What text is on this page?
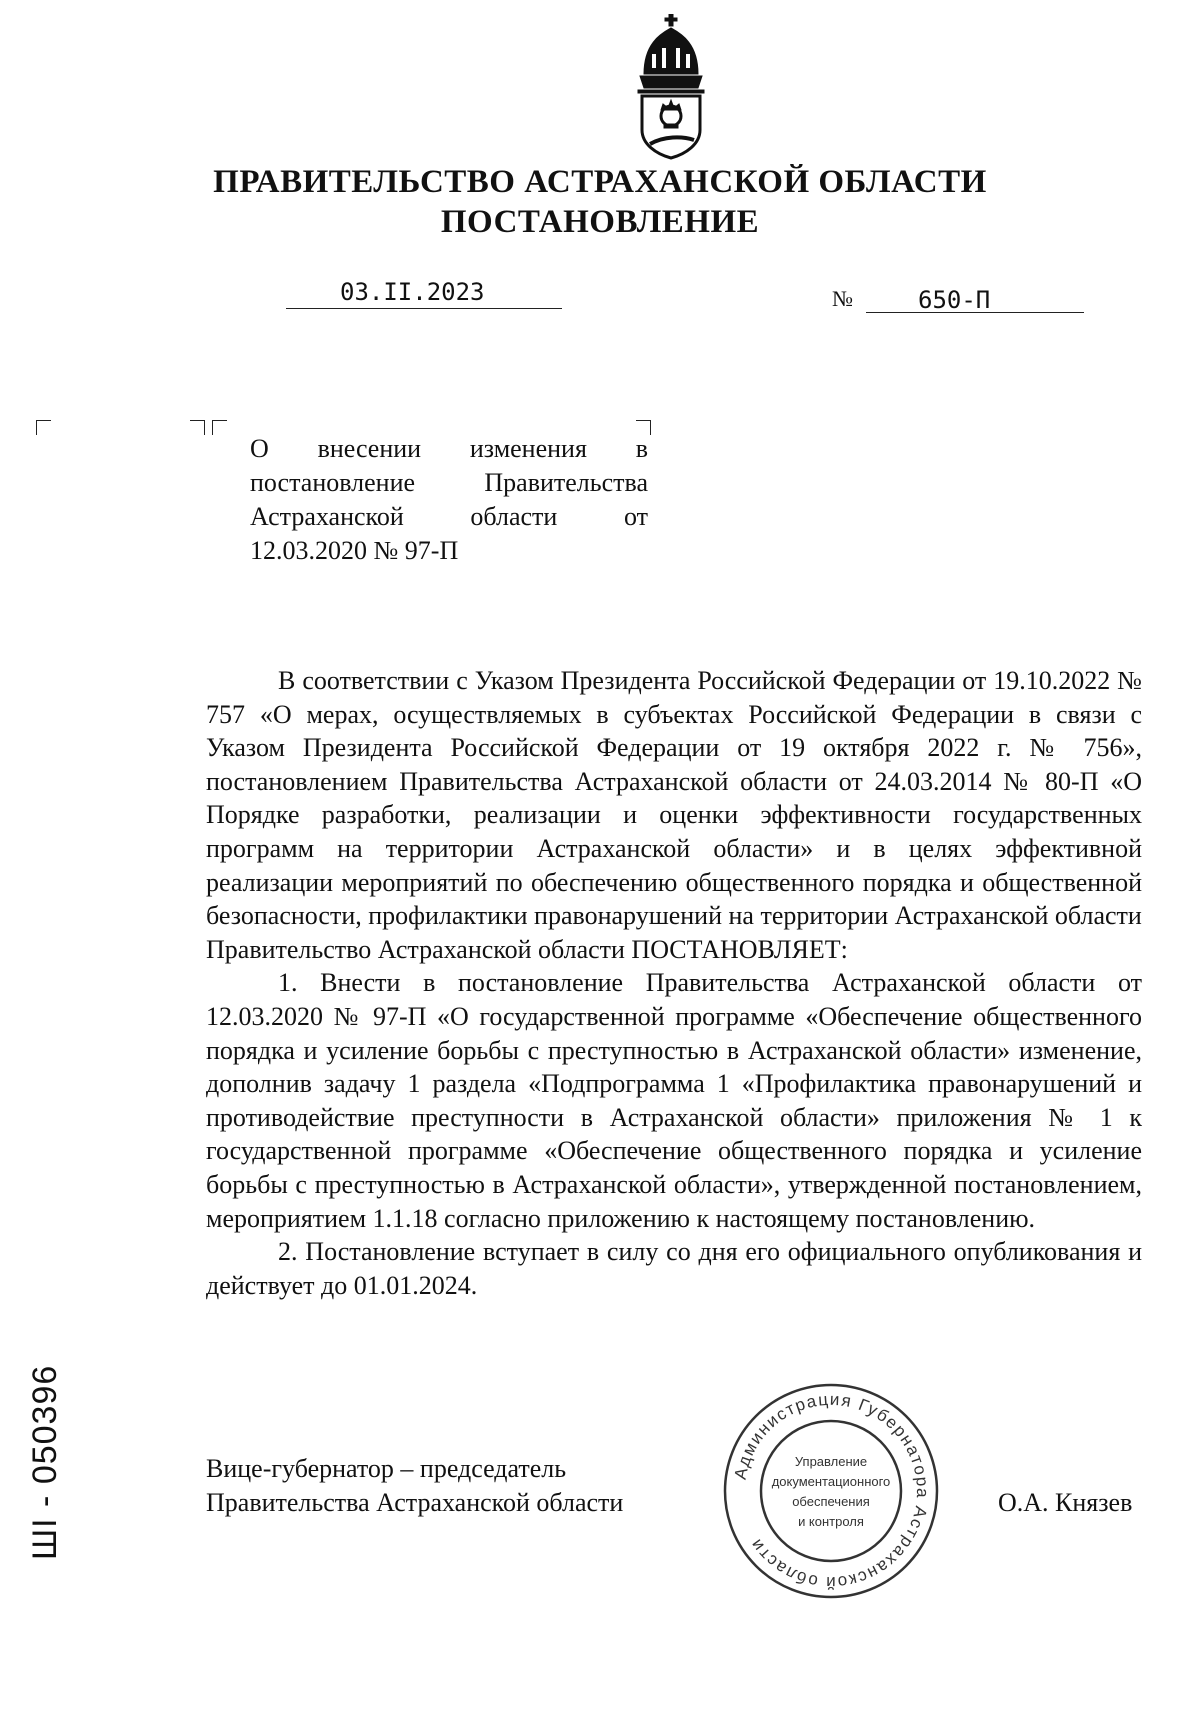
ПРАВИТЕЛЬСТВО АСТРАХАНСКОЙ ОБЛАСТИ
ПОСТАНОВЛЕНИЕ
03.II.2023	№	650-П

О внесении изменения в постановление Правительства Астраханской области от 12.03.2020 № 97-П

В соответствии с Указом Президента Российской Федерации от 19.10.2022 № 757 «О мерах, осуществляемых в субъектах Российской Федерации в связи с Указом Президента Российской Федерации от 19 октября 2022 г. № 756», постановлением Правительства Астраханской области от 24.03.2014 № 80-П «О Порядке разработки, реализации и оценки эффективности государственных программ на территории Астраханской области» и в целях эффективной реализации мероприятий по обеспечению общественного порядка и общественной безопасности, профилактики правонарушений на территории Астраханской области

Правительство Астраханской области ПОСТАНОВЛЯЕТ:

1. Внести в постановление Правительства Астраханской области от 12.03.2020 № 97-П «О государственной программе «Обеспечение общественного порядка и усиление борьбы с преступностью в Астраханской области» изменение, дополнив задачу 1 раздела «Подпрограмма 1 «Профилактика правонарушений и противодействие преступности в Астраханской области» приложения № 1 к государственной программе «Обеспечение общественного порядка и усиление борьбы с преступностью в Астраханской области», утвержденной постановлением, мероприятием 1.1.18 согласно приложению к настоящему постановлению.

2. Постановление вступает в силу со дня его официального опубликования и действует до 01.01.2024.

Вице-губернатор – председатель
Правительства Астраханской области	О.А. Князев
Администрация Губернатора Астраханской области
Управление
документационного
обеспечения
и контроля
ШI - 050396
